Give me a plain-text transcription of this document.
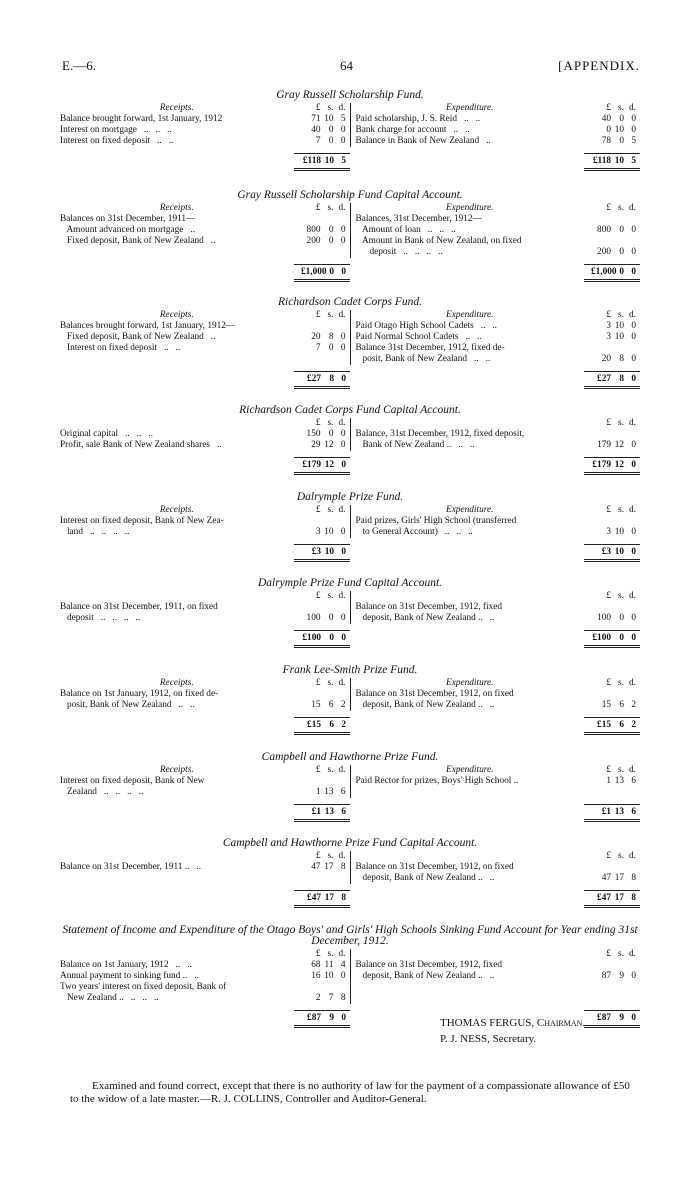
E.—6.	64	[APPENDIX.
Gray Russell Scholarship Fund.
Receipts.	£ s. d.
Balance brought forward, 1st January, 1912	71 10 5
Interest on mortgage   ..   ..   ..	40 0 0
Interest on fixed deposit   ..   ..	7 0 0
Expenditure.	£ s. d.
Paid scholarship, J. S. Reid   ..   ..	40 0 0
Bank charge for account   ..   ..	0 10 0
Balance in Bank of New Zealand   ..	78 0 5
£118 10 5	£118 10 5
Gray Russell Scholarship Fund Capital Account.
Receipts.	£ s. d.
Balances on 31st December, 1911—
Amount advanced on mortgage   ..	800 0 0
Fixed deposit, Bank of New Zealand   ..	200 0 0
Expenditure.	£ s. d.
Balances, 31st December, 1912—
Amount of loan   ..   ..   ..	800 0 0
Amount in Bank of New Zealand, on fixed
deposit   ..   ..   ..   ..	200 0 0
£1,000 0 0	£1,000 0 0
Richardson Cadet Corps Fund.
Receipts.	£ s. d.
Balances brought forward, 1st January, 1912—
Fixed deposit, Bank of New Zealand   ..	20 8 0
Interest on fixed deposit   ..   ..	7 0 0
Expenditure.	£ s. d.
Paid Otago High School Cadets   ..   ..	3 10 0
Paid Normal School Cadets   ..   ..	3 10 0
Balance 31st December, 1912, fixed de-
posit, Bank of New Zealand   ..   ..	20 8 0
£27 8 0	£27 8 0
Richardson Cadet Corps Fund Capital Account.
£ s. d.
Original capital   ..   ..   ..	150 0 0
Profit, sale Bank of New Zealand shares   ..	29 12 0
£ s. d.
Balance, 31st December, 1912, fixed deposit,
Bank of New Zealand ..   ..   ..	179 12 0
£179 12 0	£179 12 0
Dalrymple Prize Fund.
Receipts.	£ s. d.
Interest on fixed deposit, Bank of New Zea-
land   ..   ..   ..   ..	3 10 0
Expenditure.	£ s. d.
Paid prizes, Girls' High School (transferred
to General Account)   ..   ..   ..	3 10 0
£3 10 0	£3 10 0
Dalrymple Prize Fund Capital Account.
£ s. d.
Balance on 31st December, 1911, on fixed
deposit   ..   ..   ..   ..	100 0 0
£ s. d.
Balance on 31st December, 1912, fixed
deposit, Bank of New Zealand ..   ..	100 0 0
£100 0 0	£100 0 0
Frank Lee-Smith Prize Fund.
Receipts.	£ s. d.
Balance on 1st January, 1912, on fixed de-
posit, Bank of New Zealand   ..   ..	15 6 2
Expenditure.	£ s. d.
Balance on 31st December, 1912, on fixed
deposit, Bank of New Zealand ..   ..	15 6 2
£15 6 2	£15 6 2
Campbell and Hawthorne Prize Fund.
Receipts.	£ s. d.
Interest on fixed deposit, Bank of New
Zealand   ..   ..   ..   ..	1 13 6
Expenditure.	£ s. d.
Paid Rector for prizes, Boys' High School ..	1 13 6
£1 13 6	£1 13 6
Campbell and Hawthorne Prize Fund Capital Account.
£ s. d.
Balance on 31st December, 1911 ..   ..	47 17 8
£ s. d.
Balance on 31st December, 1912, on fixed
deposit, Bank of New Zealand ..   ..	47 17 8
£47 17 8	£47 17 8
Statement of Income and Expenditure of the Otago Boys' and Girls' High Schools Sinking Fund Account for Year ending 31st December, 1912.
£ s. d.
Balance on 1st January, 1912   ..   ..	68 11 4
Annual payment to sinking fund ..   ..	16 10 0
Two years' interest on fixed deposit, Bank of
New Zealand ..   ..   ..   ..	2 7 8
£ s. d.
Balance on 31st December, 1912, fixed
deposit, Bank of New Zealand ..   ..	87 9 0
£87 9 0	£87 9 0
THOMAS FERGUS, Chairman.
P. J. NESS, Secretary.
Examined and found correct, except that there is no authority of law for the payment of a compassionate allowance of £50 to the widow of a late master.—R. J. COLLINS, Controller and Auditor-General.
